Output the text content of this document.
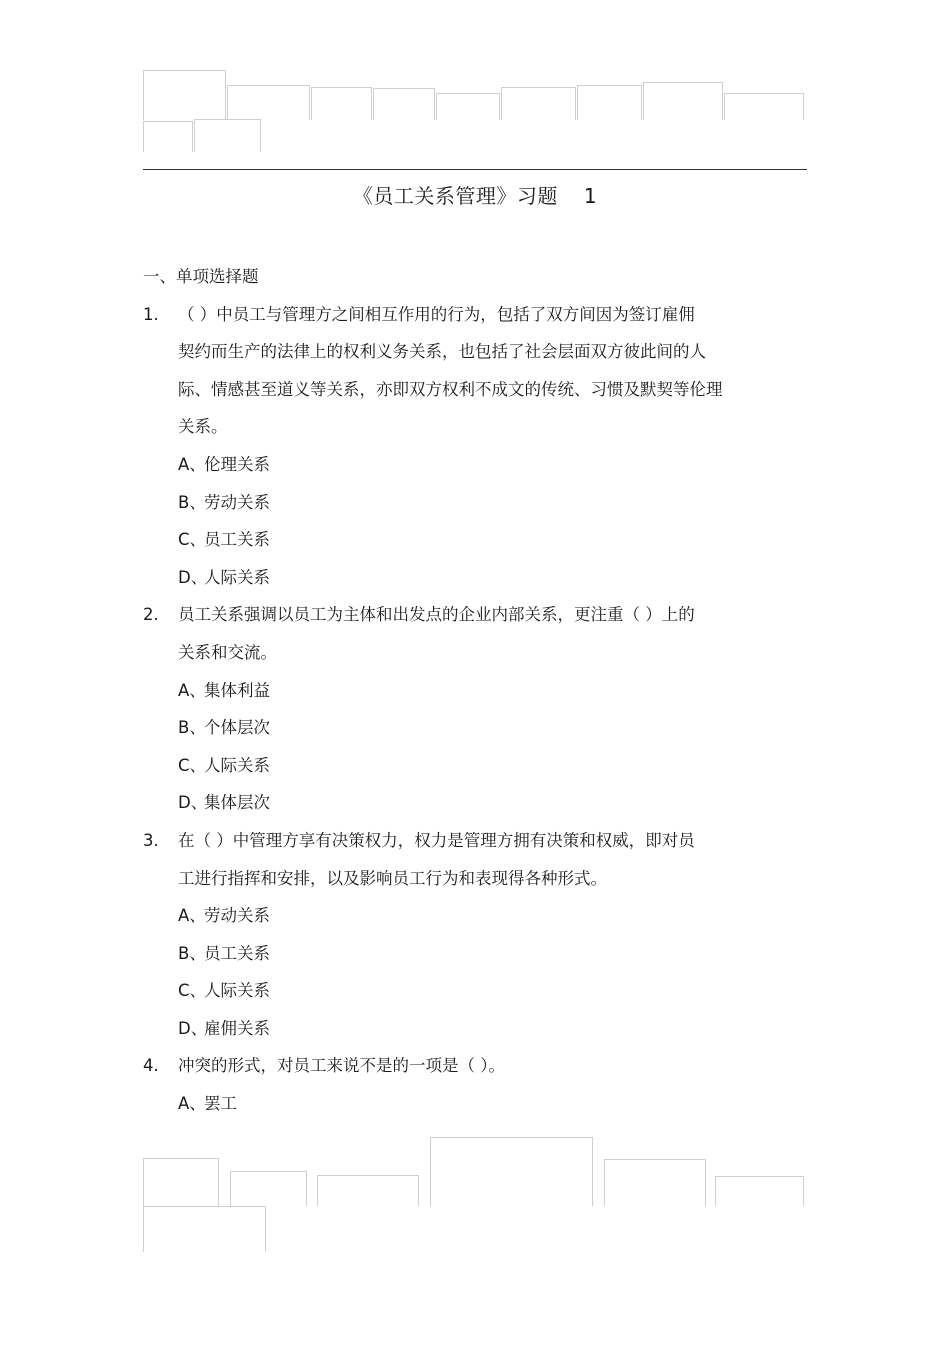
《员工关系管理》习题 1
一、单项选择题
1.	（ ）中员工与管理方之间相互作用的行为，包括了双方间因为签订雇佣
契约而生产的法律上的权利义务关系，也包括了社会层面双方彼此间的人
际、情感甚至道义等关系，亦即双方权利不成文的传统、习惯及默契等伦理
关系。
A、伦理关系
B、劳动关系
C、员工关系
D、人际关系
2.	员工关系强调以员工为主体和出发点的企业内部关系，更注重（ ）上的
关系和交流。
A、集体利益
B、个体层次
C、人际关系
D、集体层次
3.	在（ ）中管理方享有决策权力，权力是管理方拥有决策和权威，即对员
工进行指挥和安排，以及影响员工行为和表现得各种形式。
A、劳动关系
B、员工关系
C、人际关系
D、雇佣关系
4.	冲突的形式，对员工来说不是的一项是（ ）。
A、罢工
